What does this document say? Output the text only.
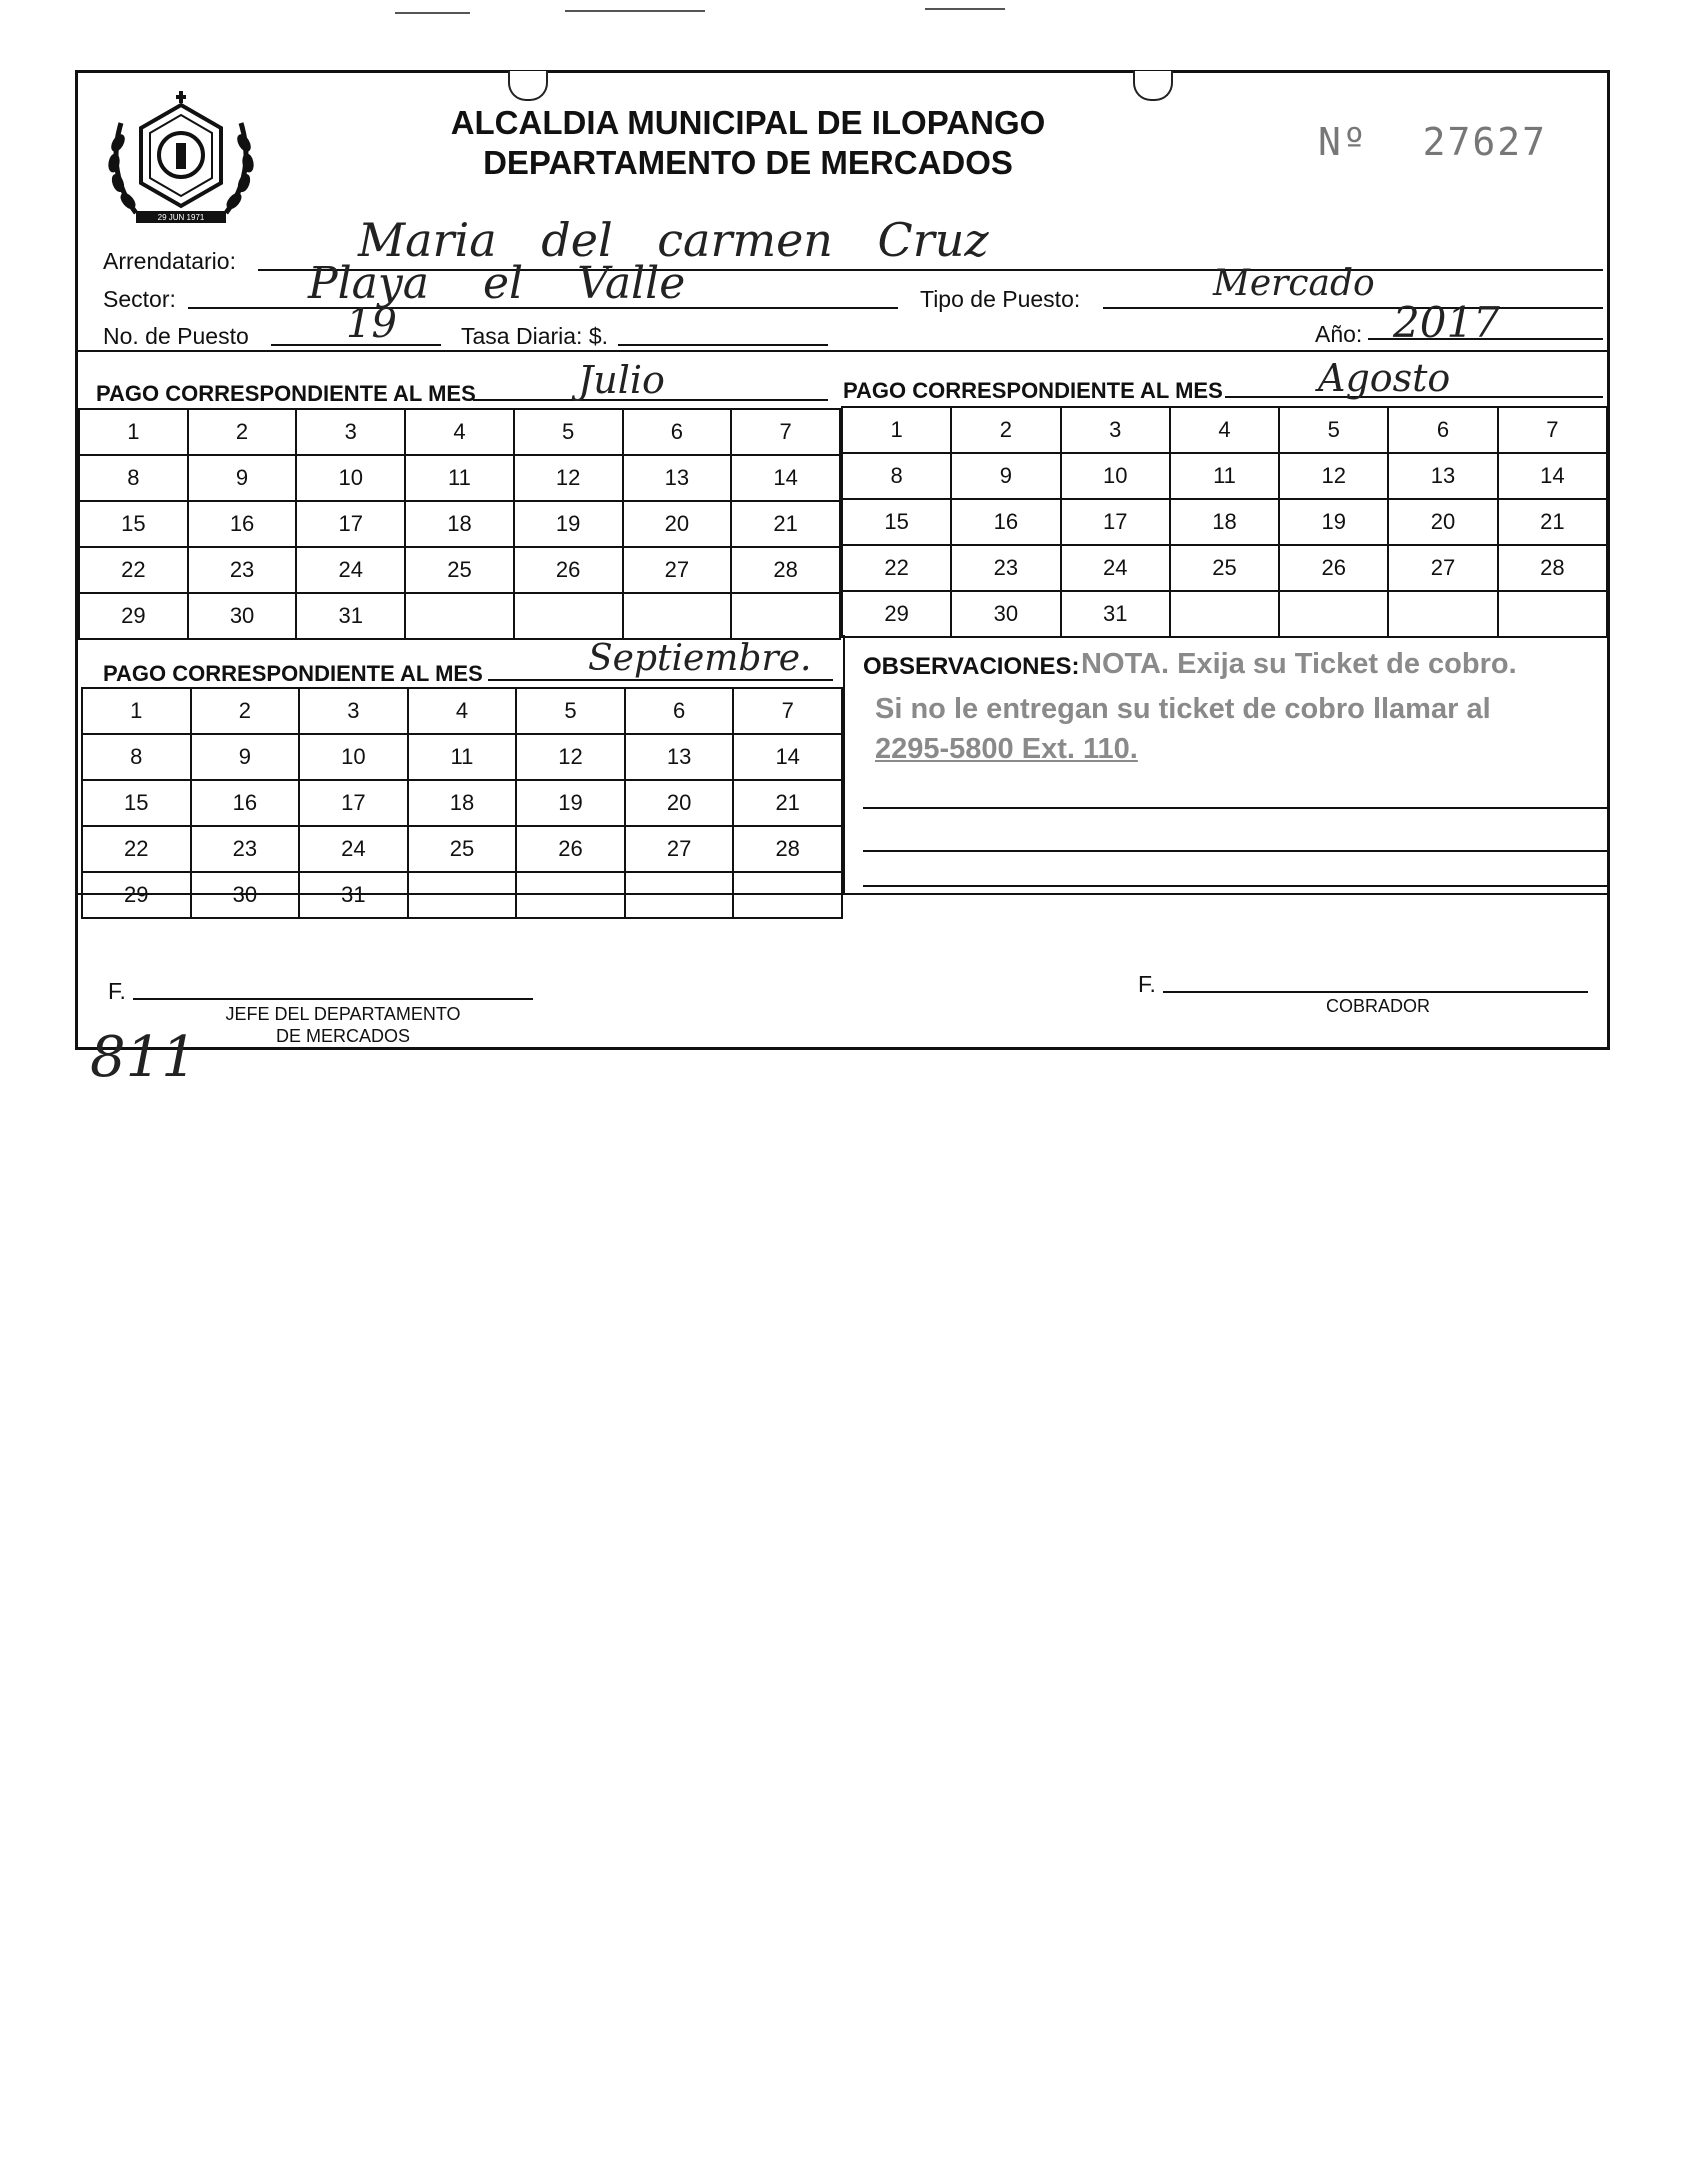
29 JUN 1971
ALCALDIA MUNICIPAL DE ILOPANGO
DEPARTAMENTO DE MERCADOS	Nº 27627
Arrendatario:	Maria del carmen Cruz
Sector:	Playa el Valle	Tipo de Puesto:	Mercado
No. de Puesto 19	Tasa Diaria: $.	Año: 2017
PAGO CORRESPONDIENTE AL MES	Julio	PAGO CORRESPONDIENTE AL MES	Agosto
1	2	3	4	5	6	7
8	9	10	11	12	13	14
15	16	17	18	19	20	21
22	23	24	25	26	27	28
29	30	31				
1	2	3	4	5	6	7
8	9	10	11	12	13	14
15	16	17	18	19	20	21
22	23	24	25	26	27	28
29	30	31				
PAGO CORRESPONDIENTE AL MES	Septiembre.
1	2	3	4	5	6	7
8	9	10	11	12	13	14
15	16	17	18	19	20	21
22	23	24	25	26	27	28
29	30	31				
OBSERVACIONES: NOTA. Exija su Ticket de cobro.
Si no le entregan su ticket de cobro llamar al
2295-5800 Ext. 110.
F.
JEFE DEL DEPARTAMENTO
DE MERCADOS
F.
COBRADOR
811
